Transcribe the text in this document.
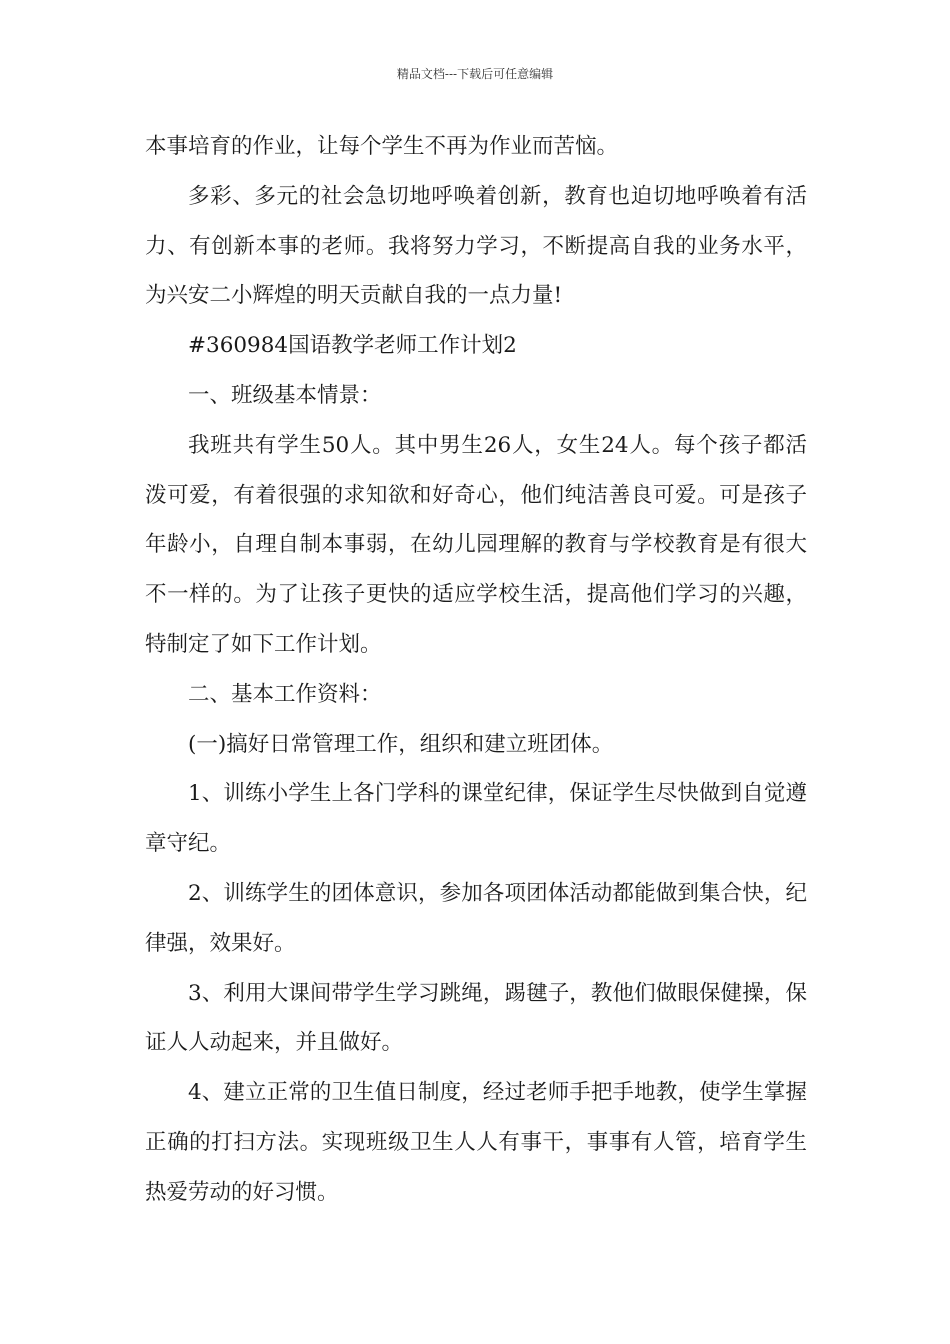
精品文档---下载后可任意编辑

本事培育的作业，让每个学生不再为作业而苦恼。

多彩、多元的社会急切地呼唤着创新，教育也迫切地呼唤着有活力、有创新本事的老师。我将努力学习，不断提高自我的业务水平，为兴安二小辉煌的明天贡献自我的一点力量!

#360984国语教学老师工作计划2

一、班级基本情景：

我班共有学生50人。其中男生26人，女生24人。每个孩子都活泼可爱，有着很强的求知欲和好奇心，他们纯洁善良可爱。可是孩子年龄小，自理自制本事弱，在幼儿园理解的教育与学校教育是有很大不一样的。为了让孩子更快的适应学校生活，提高他们学习的兴趣，特制定了如下工作计划。

二、基本工作资料：

(一)搞好日常管理工作，组织和建立班团体。

1、训练小学生上各门学科的课堂纪律，保证学生尽快做到自觉遵章守纪。

2、训练学生的团体意识，参加各项团体活动都能做到集合快，纪律强，效果好。

3、利用大课间带学生学习跳绳，踢毽子，教他们做眼保健操，保证人人动起来，并且做好。

4、建立正常的卫生值日制度，经过老师手把手地教，使学生掌握正确的打扫方法。实现班级卫生人人有事干，事事有人管，培育学生热爱劳动的好习惯。
